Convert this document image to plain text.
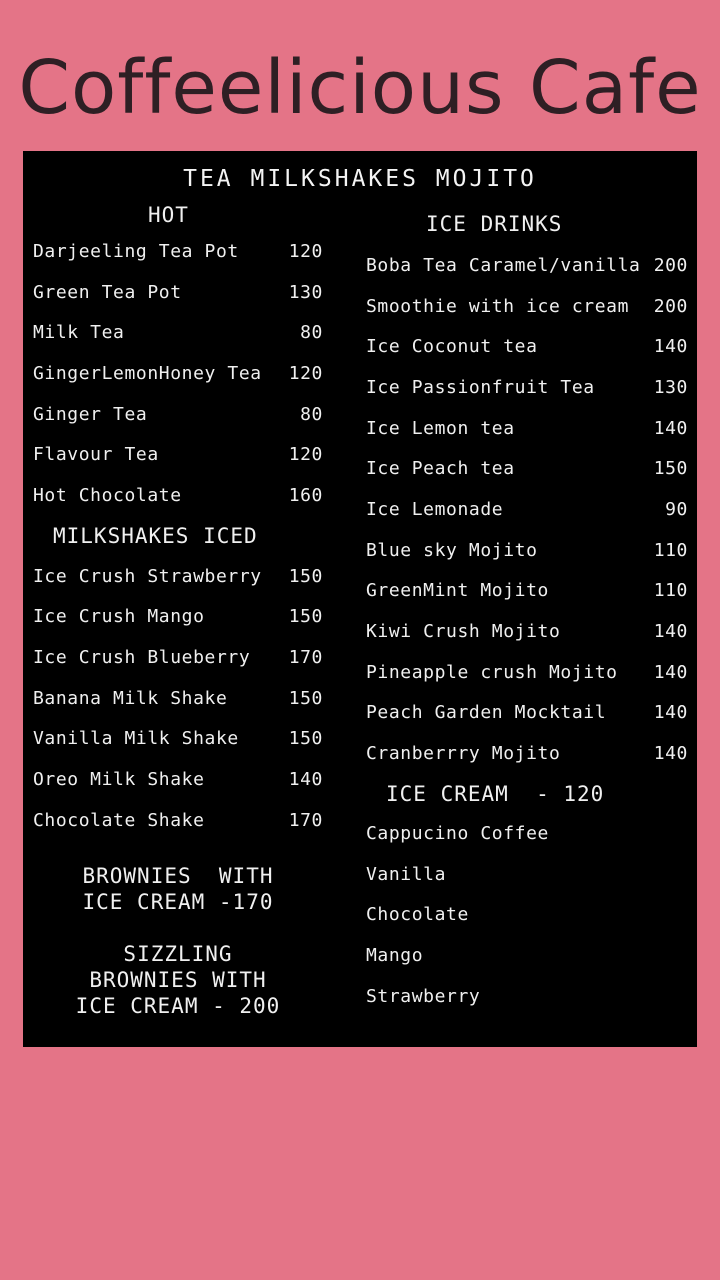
Coffeelicious Cafe
TEA MILKSHAKES MOJITO
HOT
Darjeeling Tea Pot	120
Green Tea Pot	130
Milk Tea	80
GingerLemonHoney Tea	120
Ginger Tea	80
Flavour Tea	120
Hot Chocolate	160
MILKSHAKES ICED
Ice Crush Strawberry	150
Ice Crush Mango	150
Ice Crush Blueberry	170
Banana Milk Shake	150
Vanilla Milk Shake	150
Oreo Milk Shake	140
Chocolate Shake	170
BROWNIES  WITH
ICE CREAM -170
SIZZLING
BROWNIES WITH
ICE CREAM - 200
ICE DRINKS
Boba Tea Caramel/vanilla 200
Smoothie with ice cream	200
Ice Coconut tea	140
Ice Passionfruit Tea	130
Ice Lemon tea	140
Ice Peach tea	150
Ice Lemonade	90
Blue sky Mojito	110
GreenMint Mojito	110
Kiwi Crush Mojito	140
Pineapple crush Mojito	140
Peach Garden Mocktail	140
Cranberrry Mojito	140
ICE CREAM  - 120
Cappucino Coffee
Vanilla
Chocolate
Mango
Strawberry
